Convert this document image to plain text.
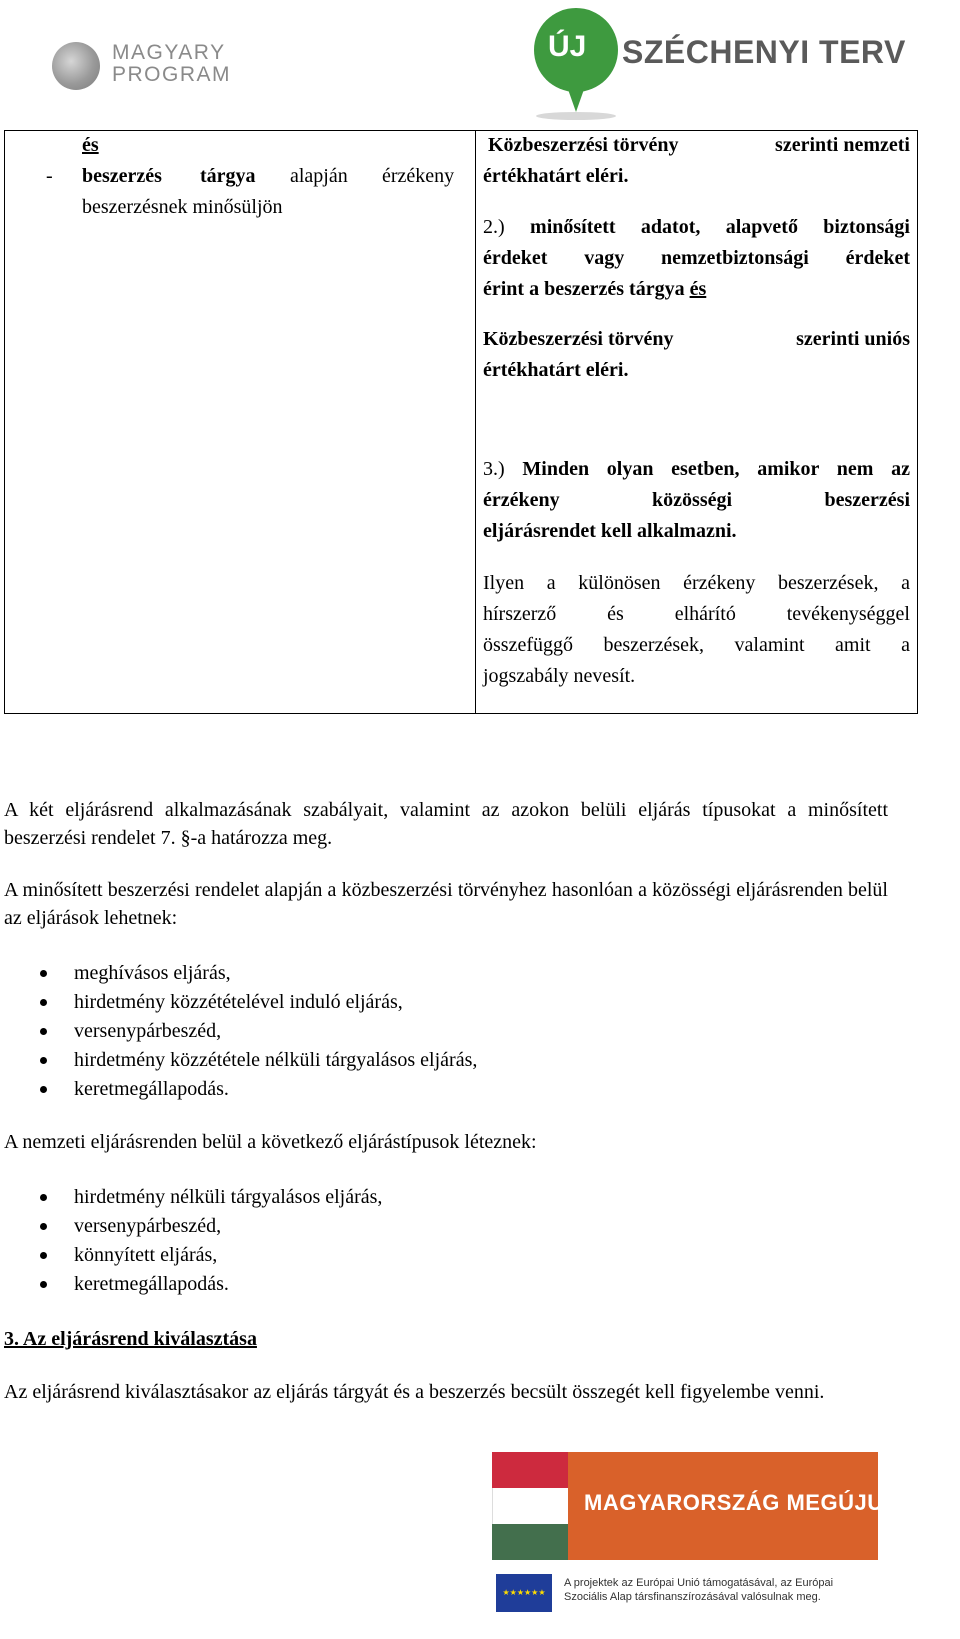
MAGYARY
PROGRAM
ÚJ SZÉCHENYI TERV
és
- beszerzés tárgya alapján érzékeny
beszerzésnek minősüljön
Közbeszerzési törvény	szerinti nemzeti
értékhatárt eléri.
2.) minősített adatot, alapvető biztonsági
érdeket vagy nemzetbiztonsági érdeket
érint a beszerzés tárgya és
Közbeszerzési törvény	szerinti uniós
értékhatárt eléri.
3.) Minden olyan esetben, amikor nem az
érzékeny közösségi beszerzési
eljárásrendet kell alkalmazni.
Ilyen a különösen érzékeny beszerzések, a
hírszerző és elhárító tevékenységgel
összefüggő beszerzések, valamint amit a
jogszabály nevesít.
A két eljárásrend alkalmazásának szabályait, valamint az azokon belüli eljárás típusokat a minősített beszerzési rendelet 7. §-a határozza meg.
A minősített beszerzési rendelet alapján a közbeszerzési törvényhez hasonlóan a közösségi eljárásrenden belül az eljárások lehetnek:
meghívásos eljárás,
hirdetmény közzétételével induló eljárás,
versenypárbeszéd,
hirdetmény közzététele nélküli tárgyalásos eljárás,
keretmegállapodás.
A nemzeti eljárásrenden belül a következő eljárástípusok léteznek:
hirdetmény nélküli tárgyalásos eljárás,
versenypárbeszéd,
könnyített eljárás,
keretmegállapodás.
3. Az eljárásrend kiválasztása
Az eljárásrend kiválasztásakor az eljárás tárgyát és a beszerzés becsült összegét kell figyelembe venni.
MAGYARORSZÁG MEGÚJUL
★★★★★★
A projektek az Európai Unió támogatásával, az Európai
Szociális Alap társfinanszírozásával valósulnak meg.
